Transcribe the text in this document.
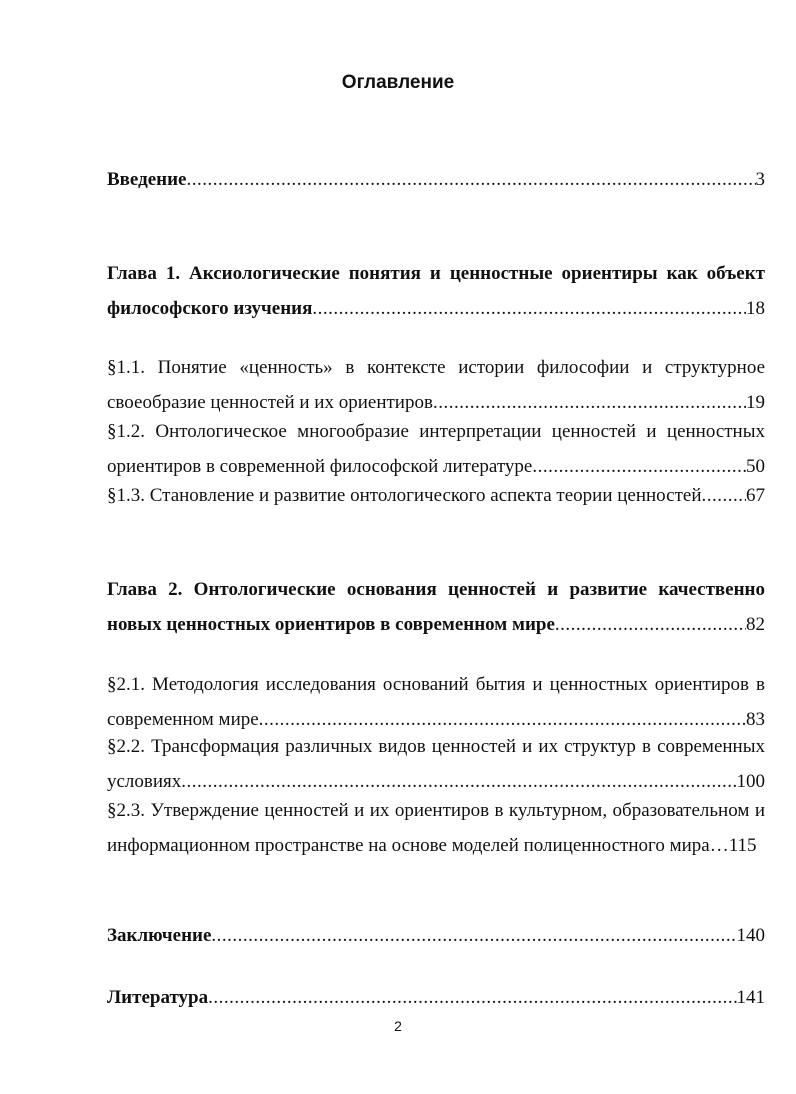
Оглавление
Введение .....	3
Глава 1. Аксиологические понятия и ценностные ориентиры как объект
философского изучения .....	18
§1.1. Понятие «ценность» в контексте истории философии и структурное
своеобразие ценностей и их ориентиров .....	19
§1.2. Онтологическое многообразие интерпретации ценностей и ценностных
ориентиров в современной философской литературе .....	50
§1.3. Становление и развитие онтологического аспекта теории ценностей ..... 67
Глава 2. Онтологические основания ценностей и развитие качественно
новых ценностных ориентиров в современном мире .....	82
§2.1. Методология исследования оснований бытия и ценностных ориентиров в
современном мире .....	83
§2.2. Трансформация различных видов ценностей и их структур в современных
условиях .....	100
§2.3. Утверждение ценностей и их ориентиров в культурном, образовательном и
информационном пространстве на основе моделей полиценностного мира… 115
Заключение .....	140
Литература .....	141
2
